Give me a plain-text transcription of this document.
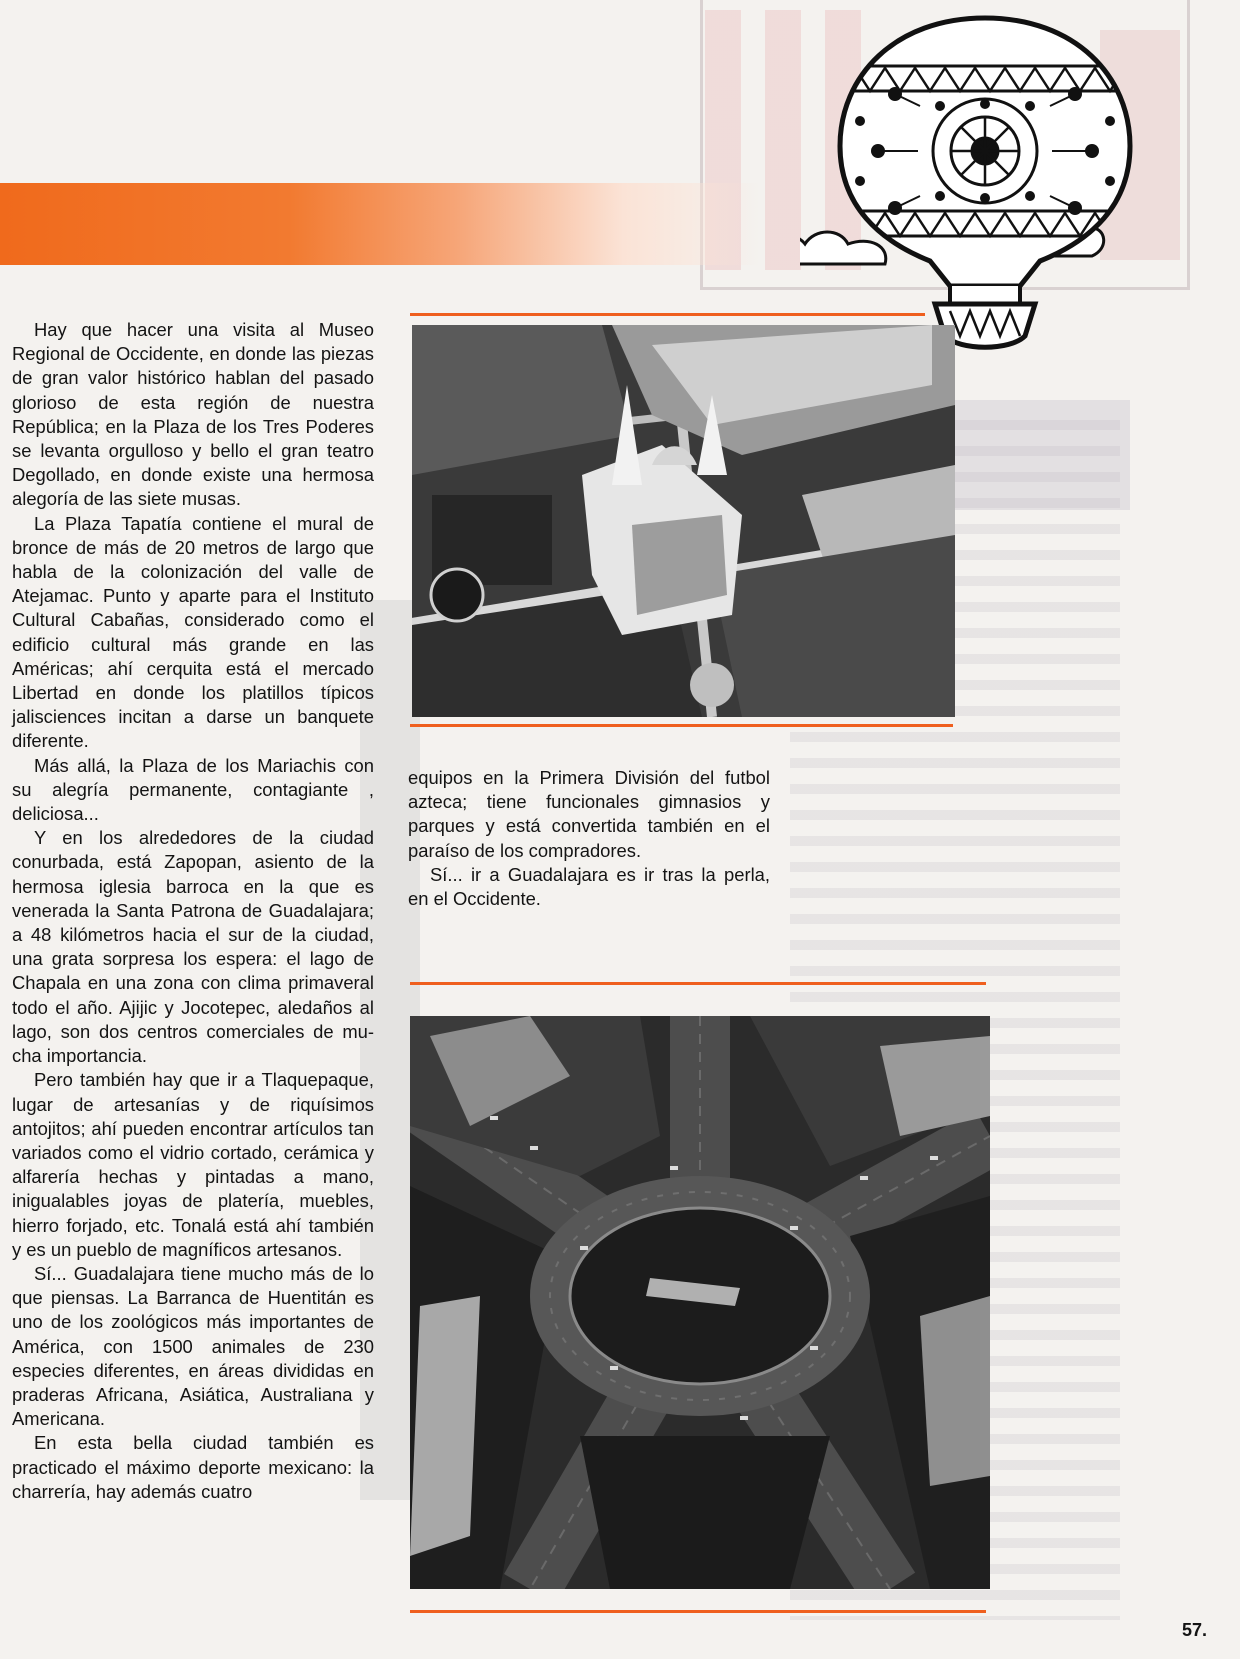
Hay que hacer una visita al Museo Regional de Occidente, en donde las piezas de gran valor histórico hablan del pasado glorioso de esta región de nuestra República; en la Plaza de los Tres Poderes se levanta orgulloso y bello el gran teatro Degollado, en donde existe una hermosa alegoría de las siete musas.

La Plaza Tapatía contiene el mural de bronce de más de 20 metros de largo que habla de la colonización del valle de Atejamac. Punto y aparte para el Instituto Cultural Cabañas, considerado como el edificio cultural más grande en las Américas; ahí cerquita está el mercado Libertad en donde los platillos típicos jalisciences incitan a darse un banquete diferente.

Más allá, la Plaza de los Mariachis con su alegría permanente, contagiante , deliciosa...

Y en los alrededores de la ciudad conurbada, está Zapopan, asiento de la hermosa iglesia barroca en la que es venerada la Santa Patrona de Guadalajara; a 48 kilómetros hacia el sur de la ciudad, una grata sorpresa los espera: el lago de Chapala en una zona con clima primaveral todo el año. Ajijic y Jocotepec, aledaños al lago, son dos centros comerciales de mucha importancia.

Pero también hay que ir a Tlaquepaque, lugar de artesanías y de riquísimos antojitos; ahí pueden encontrar artículos tan variados como el vidrio cortado, cerámica y alfarería hechas y pintadas a mano, inigualables joyas de platería, muebles, hierro forjado, etc. Tonalá está ahí también y es un pueblo de magníficos artesanos.

Sí... Guadalajara tiene mucho más de lo que piensas. La Barranca de Huentitán es uno de los zoológicos más importantes de América, con 1500 animales de 230 especies diferentes, en áreas divididas en praderas Africana, Asiática, Australiana y Americana.

En esta bella ciudad también es practicado el máximo deporte mexicano: la charrería, hay además cuatro

equipos en la Primera División del futbol azteca; tiene funcionales gimnasios y parques y está convertida también en el paraíso de los compradores.

Sí... ir a Guadalajara es ir tras la perla, en el Occidente.

57.
